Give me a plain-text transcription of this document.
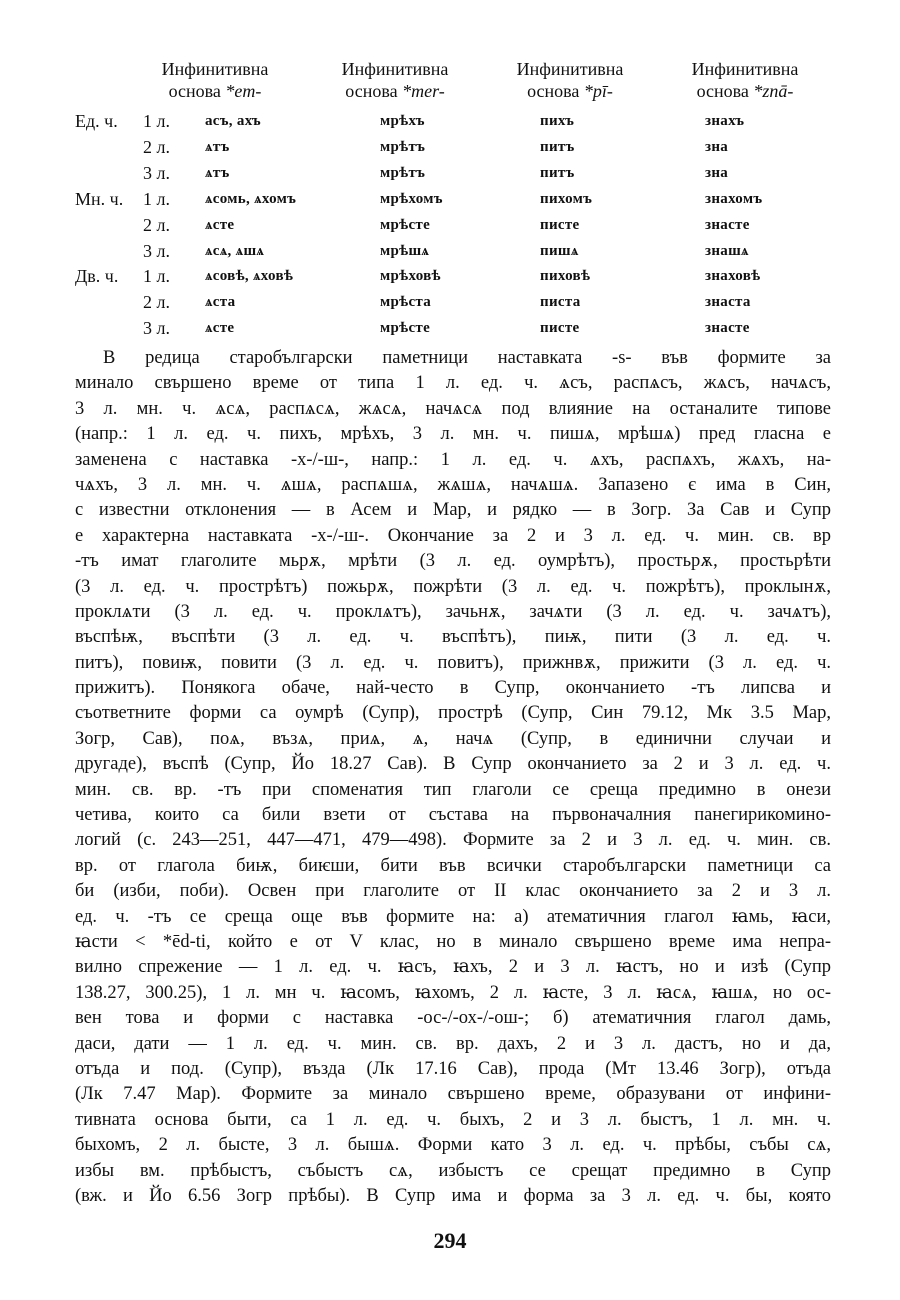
Инфинитивна
основа *em-
Инфинитивна
основа *mer-
Инфинитивна
основа *pī-
Инфинитивна
основа *znā-
Ед. ч. 1 л. асъ, ахъ	мрѣхъ	пихъ	знахъ
2 л. ѧтъ	мрѣтъ	питъ	зна
3 л. ѧтъ	мрѣтъ	питъ	зна
Мн. ч. 1 л. ѧсомь, ѧхомъ	мрѣхомъ	пихомъ	знахомъ
2 л. ѧсте	мрѣсте	писте	знасте
3 л. ѧсѧ, ѧшѧ	мрѣшѧ	пишѧ	знашѧ
Дв. ч. 1 л. ѧсовѣ, ѧховѣ	мрѣховѣ	пиховѣ	знаховѣ
2 л. ѧста	мрѣста	писта	знаста
3 л. ѧсте	мрѣсте	писте	знасте
В редица старобългарски паметници наставката -s- във формите за
минало свършено време от типа 1 л. ед. ч. ѧсъ, распѧсъ, жѧсъ, начѧсъ,
3 л. мн. ч. ѧсѧ, распѧсѧ, жѧсѧ, начѧсѧ под влияние на останалите типове
(напр.: 1 л. ед. ч. пихъ, мрѣхъ, 3 л. мн. ч. пишѧ, мрѣшѧ) пред гласна е
заменена с наставка -х-/-ш-, напр.: 1 л. ед. ч. ѧхъ, распѧхъ, жѧхъ, на-
чѧхъ, 3 л. мн. ч. ѧшѧ, распѧшѧ, жѧшѧ, начѧшѧ. Запазено є има в Син,
с известни отклонения — в Асем и Мар, и рядко — в Зогр. За Сав и Супр
е характерна наставката -х-/-ш-. Окончание за 2 и 3 л. ед. ч. мин. св. вр
-тъ имат глаголите мьрѫ, мрѣти (3 л. ед. оумрѣтъ), простьрѫ, простьрѣти
(3 л. ед. ч. прострѣтъ) пожьрѫ, пожрѣти (3 л. ед. ч. пожрѣтъ), проклынѫ,
проклѧти (3 л. ед. ч. проклѧтъ), зачьнѫ, зачѧти (3 л. ед. ч. зачѧтъ),
въспѣѭ, въспѣти (3 л. ед. ч. въспѣтъ), пиѭ, пити (3 л. ед. ч.
питъ), повиѭ, повити (3 л. ед. ч. повитъ), прижнвѫ, прижити (3 л. ед. ч.
прижитъ). Понякога обаче, най-често в Супр, окончанието -тъ липсва и
съответните форми са оумрѣ (Супр), прострѣ (Супр, Син 79.12, Мк 3.5 Мар,
Зогр, Сав), поѧ, възѧ, приѧ, ѧ, начѧ (Супр, в единични случаи и
другаде), въспѣ (Супр, Йо 18.27 Сав). В Супр окончанието за 2 и 3 л. ед. ч.
мин. св. вр. -тъ при споменатия тип глаголи се среща предимно в онези
четива, които са били взети от състава на първоначалния панегирикомино-
логий (с. 243—251, 447—471, 479—498). Формите за 2 и 3 л. ед. ч. мин. св.
вр. от глагола биѭ, биѥши, бити във всички старобългарски паметници са
би (изби, поби). Освен при глаголите от II клас окончанието за 2 и 3 л.
ед. ч. -тъ се среща още във формите на: а) атематичния глагол ꙗмь, ꙗси,
ꙗсти < *ēd-ti, който е от V клас, но в минало свършено време има непра-
вилно спрежение — 1 л. ед. ч. ꙗсъ, ꙗхъ, 2 и 3 л. ꙗстъ, но и изѣ (Супр
138.27, 300.25), 1 л. мн ч. ꙗсомъ, ꙗхомъ, 2 л. ꙗсте, 3 л. ꙗсѧ, ꙗшѧ, но ос-
вен това и форми с наставка -ос-/-ох-/-ош-; б) атематичния глагол дамь,
даси, дати — 1 л. ед. ч. мин. св. вр. дахъ, 2 и 3 л. дастъ, но и да,
отъда и под. (Супр), въздa (Лк 17.16 Сав), прода (Мт 13.46 Зогр), отъда
(Лк 7.47 Мар). Формите за минало свършено време, образувани от инфини-
тивната основа быти, са 1 л. ед. ч. быхъ, 2 и 3 л. быстъ, 1 л. мн. ч.
быхомъ, 2 л. бысте, 3 л. бышѧ. Форми като 3 л. ед. ч. прѣбы, събы сѧ,
избы вм. прѣбыстъ, събыстъ сѧ, избыстъ се срещат предимно в Супр
(вж. и Йо 6.56 Зогр прѣбы). В Супр има и форма за 3 л. ед. ч. бы, която
294
